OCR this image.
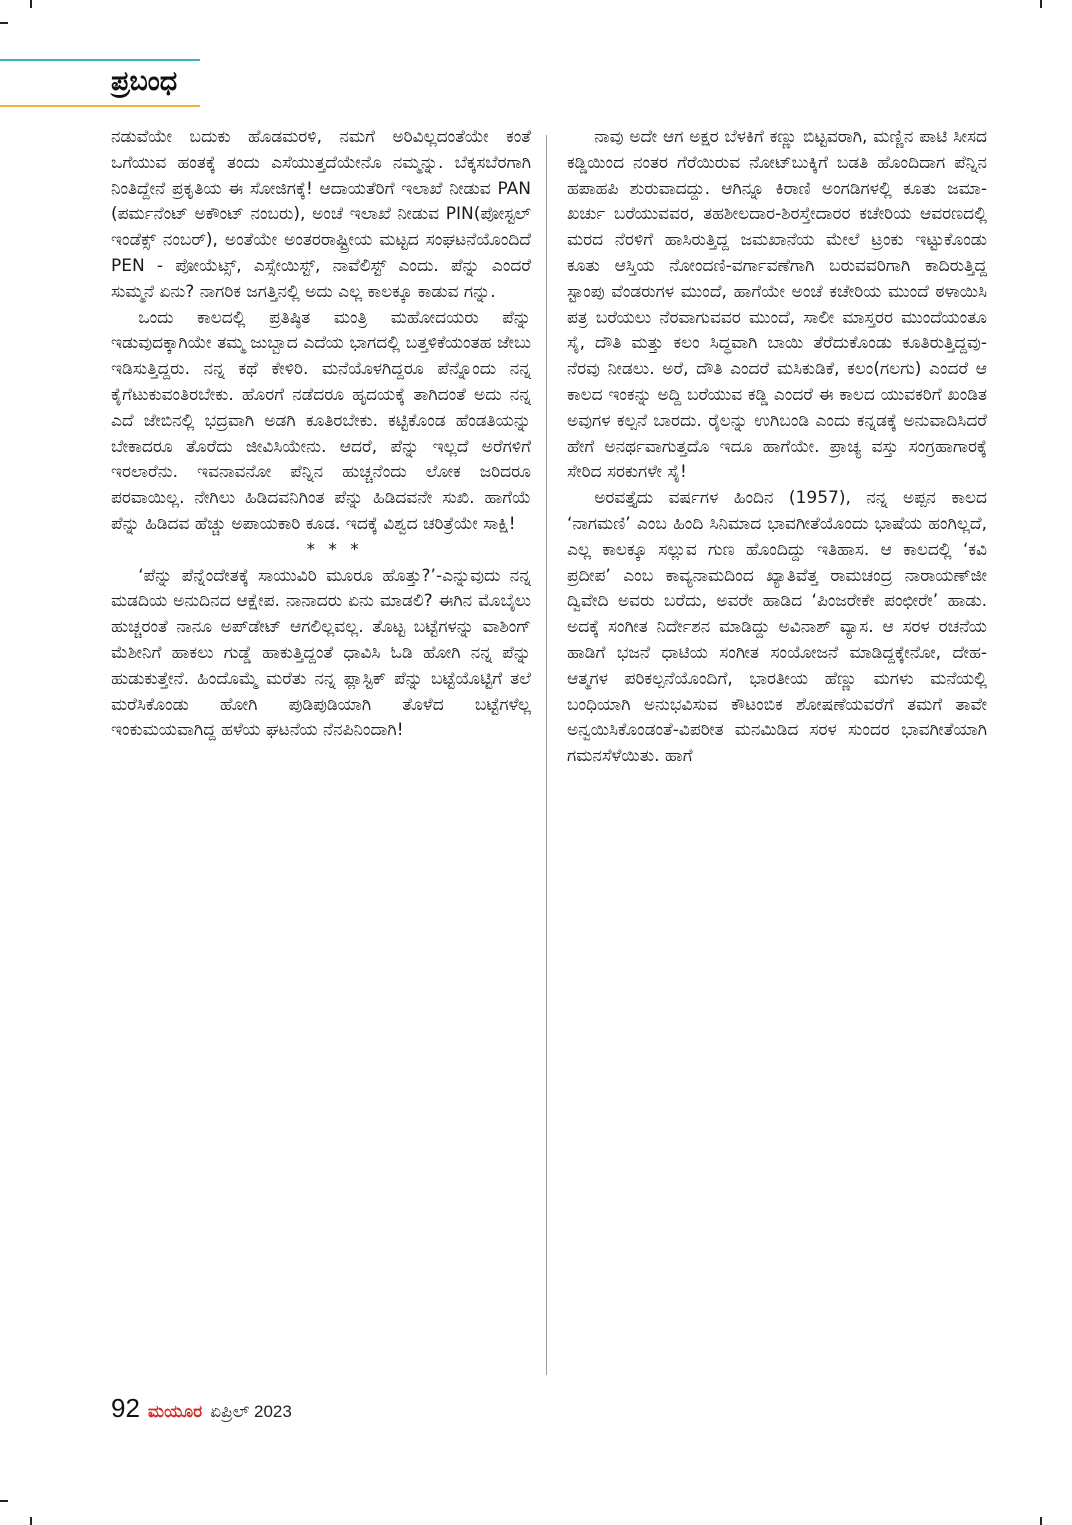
ಪ್ರಬಂಧ

ನಡುವೆಯೇ ಬದುಕು ಹೊಡಮರಳಿ, ನಮಗೆ ಅರಿವಿಲ್ಲದಂತೆಯೇ ಕಂತೆ ಒಗೆಯುವ ಹಂತಕ್ಕೆ ತಂದು ಎಸೆಯುತ್ತದೆಯೇನೊ ನಮ್ಮನ್ನು. ಬೆಕ್ಕಸಬೆರಗಾಗಿ ನಿಂತಿದ್ದೇನೆ ಪ್ರಕೃತಿಯ ಈ ಸೋಜಿಗಕ್ಕೆ! ಆದಾಯತೆರಿಗೆ ಇಲಾಖೆ ನೀಡುವ PAN (ಪರ್ಮನೆಂಟ್ ಅಕೌಂಟ್ ನಂಬರು), ಅಂಚೆ ಇಲಾಖೆ ನೀಡುವ PIN(ಪೋಸ್ಟಲ್ ಇಂಡೆಕ್ಸ್ ನಂಬರ್), ಅಂತೆಯೇ ಅಂತರರಾಷ್ಟ್ರೀಯ ಮಟ್ಟದ ಸಂಘಟನೆಯೊಂದಿದೆ PEN - ಪೋಯೆಟ್ಸ್, ಎಸ್ಸೇಯಿಸ್ಟ್, ನಾವೆಲಿಸ್ಟ್ ಎಂದು. ಪೆನ್ನು ಎಂದರೆ ಸುಮ್ಮನೆ ಏನು? ನಾಗರಿಕ ಜಗತ್ತಿನಲ್ಲಿ ಅದು ಎಲ್ಲ ಕಾಲಕ್ಕೂ ಕಾಡುವ ಗನ್ನು.

ಒಂದು ಕಾಲದಲ್ಲಿ ಪ್ರತಿಷ್ಠಿತ ಮಂತ್ರಿ ಮಹೋದಯರು ಪೆನ್ನು ಇಡುವುದಕ್ಕಾಗಿಯೇ ತಮ್ಮ ಜುಬ್ಬಾದ ಎದೆಯ ಭಾಗದಲ್ಲಿ ಬತ್ತಳಿಕೆಯಂತಹ ಜೇಬು ಇಡಿಸುತ್ತಿದ್ದರು. ನನ್ನ ಕಥೆ ಕೇಳಿರಿ. ಮನೆಯೊಳಗಿದ್ದರೂ ಪೆನ್ನೊಂದು ನನ್ನ ಕೈಗೆಟುಕುವಂತಿರಬೇಕು. ಹೊರಗೆ ನಡೆದರೂ ಹೃದಯಕ್ಕೆ ತಾಗಿದಂತೆ ಅದು ನನ್ನ ಎದೆ ಜೇಬಿನಲ್ಲಿ ಭದ್ರವಾಗಿ ಅಡಗಿ ಕೂತಿರಬೇಕು. ಕಟ್ಟಿಕೊಂಡ ಹೆಂಡತಿಯನ್ನು ಬೇಕಾದರೂ ತೊರೆದು ಜೀವಿಸಿಯೇನು. ಆದರೆ, ಪೆನ್ನು ಇಲ್ಲದೆ ಅರೆಗಳಿಗೆ ಇರಲಾರೆನು. ಇವನಾವನೋ ಪೆನ್ನಿನ ಹುಚ್ಚನೆಂದು ಲೋಕ ಜರಿದರೂ ಪರವಾಯಿಲ್ಲ. ನೇಗಿಲು ಹಿಡಿದವನಿಗಿಂತ ಪೆನ್ನು ಹಿಡಿದವನೇ ಸುಖಿ. ಹಾಗೆಯೆ ಪೆನ್ನು ಹಿಡಿದವ ಹೆಚ್ಚು ಅಪಾಯಕಾರಿ ಕೂಡ. ಇದಕ್ಕೆ ವಿಶ್ವದ ಚರಿತ್ರೆಯೇ ಸಾಕ್ಷಿ!

* * *

‘ಪೆನ್ನು ಪೆನ್ನೆಂದೇತಕ್ಕೆ ಸಾಯುವಿರಿ ಮೂರೂ ಹೊತ್ತು?’-ಎನ್ನುವುದು ನನ್ನ ಮಡದಿಯ ಅನುದಿನದ ಆಕ್ಷೇಪ. ನಾನಾದರು ಏನು ಮಾಡಲಿ? ಈಗಿನ ಮೊಬೈಲು ಹುಚ್ಚರಂತೆ ನಾನೂ ಅಪ್‌ಡೇಟ್ ಆಗಲಿಲ್ಲವಲ್ಲ. ತೊಟ್ಟ ಬಟ್ಟೆಗಳನ್ನು ವಾಶಿಂಗ್ ಮೆಶೀನಿಗೆ ಹಾಕಲು ಗುಡ್ಡೆ ಹಾಕುತ್ತಿದ್ದಂತೆ ಧಾವಿಸಿ ಓಡಿ ಹೋಗಿ ನನ್ನ ಪೆನ್ನು ಹುಡುಕುತ್ತೇನೆ. ಹಿಂದೊಮ್ಮೆ ಮರೆತು ನನ್ನ ಪ್ಲಾಸ್ಟಿಕ್ ಪೆನ್ನು ಬಟ್ಟೆಯೊಟ್ಟಿಗೆ ತಲೆ ಮರೆಸಿಕೊಂಡು ಹೋಗಿ ಪುಡಿಪುಡಿಯಾಗಿ ತೊಳೆದ ಬಟ್ಟೆಗಳೆಲ್ಲ ಇಂಕುಮಯವಾಗಿದ್ದ ಹಳೆಯ ಘಟನೆಯ ನೆನಪಿನಿಂದಾಗಿ!

ನಾವು ಅದೇ ಆಗ ಅಕ್ಷರ ಬೆಳಕಿಗೆ ಕಣ್ಣು ಬಿಟ್ಟವರಾಗಿ, ಮಣ್ಣಿನ ಪಾಟಿ ಸೀಸದ ಕಡ್ಡಿಯಿಂದ ನಂತರ ಗೆರೆಯಿರುವ ನೋಟ್‌ಬುಕ್ಕಿಗೆ ಬಡತಿ ಹೊಂದಿದಾಗ ಪೆನ್ನಿನ ಹಪಾಹಪಿ ಶುರುವಾದದ್ದು. ಆಗಿನ್ನೂ ಕಿರಾಣಿ ಅಂಗಡಿಗಳಲ್ಲಿ ಕೂತು ಜಮಾ-ಖರ್ಚು ಬರೆಯುವವರ, ತಹಶೀಲದಾರ-ಶಿರಸ್ತೇದಾರರ ಕಚೇರಿಯ ಆವರಣದಲ್ಲಿ ಮರದ ನೆರಳಿಗೆ ಹಾಸಿರುತ್ತಿದ್ದ ಜಮಖಾನೆಯ ಮೇಲೆ ಟ್ರಂಕು ಇಟ್ಟುಕೊಂಡು ಕೂತು ಆಸ್ತಿಯ ನೋಂದಣಿ-ವರ್ಗಾವಣೆಗಾಗಿ ಬರುವವರಿಗಾಗಿ ಕಾದಿರುತ್ತಿದ್ದ ಸ್ಟಾಂಪು ವೆಂಡರುಗಳ ಮುಂದೆ, ಹಾಗೆಯೇ ಅಂಚೆ ಕಚೇರಿಯ ಮುಂದೆ ಠಳಾಯಿಸಿ ಪತ್ರ ಬರೆಯಲು ನೆರವಾಗುವವರ ಮುಂದೆ, ಸಾಲೀ ಮಾಸ್ತರರ ಮುಂದೆಯಂತೂ ಸೈ, ದೌತಿ ಮತ್ತು ಕಲಂ ಸಿದ್ಧವಾಗಿ ಬಾಯಿ ತೆರೆದುಕೊಂಡು ಕೂತಿರುತ್ತಿದ್ದವು-ನೆರವು ನೀಡಲು. ಅರೆ, ದೌತಿ ಎಂದರೆ ಮಸಿಕುಡಿಕೆ, ಕಲಂ(ಗಲಗು) ಎಂದರೆ ಆ ಕಾಲದ ಇಂಕನ್ನು ಅದ್ದಿ ಬರೆಯುವ ಕಡ್ಡಿ ಎಂದರೆ ಈ ಕಾಲದ ಯುವಕರಿಗೆ ಖಂಡಿತ ಅವುಗಳ ಕಲ್ಪನೆ ಬಾರದು. ರೈಲನ್ನು ಉಗಿಬಂಡಿ ಎಂದು ಕನ್ನಡಕ್ಕೆ ಅನುವಾದಿಸಿದರೆ ಹೇಗೆ ಅನರ್ಥವಾಗುತ್ತದೊ ಇದೂ ಹಾಗೆಯೇ. ಪ್ರಾಚ್ಯ ವಸ್ತು ಸಂಗ್ರಹಾಗಾರಕ್ಕೆ ಸೇರಿದ ಸರಕುಗಳೇ ಸೈ!

ಅರವತ್ತೈದು ವರ್ಷಗಳ ಹಿಂದಿನ (1957), ನನ್ನ ಅಪ್ಪನ ಕಾಲದ ‘ನಾಗಮಣಿ’ ಎಂಬ ಹಿಂದಿ ಸಿನಿಮಾದ ಭಾವಗೀತೆಯೊಂದು ಭಾಷೆಯ ಹಂಗಿಲ್ಲದೆ, ಎಲ್ಲ ಕಾಲಕ್ಕೂ ಸಲ್ಲುವ ಗುಣ ಹೊಂದಿದ್ದು ಇತಿಹಾಸ. ಆ ಕಾಲದಲ್ಲಿ ‘ಕವಿ ಪ್ರದೀಪ’ ಎಂಬ ಕಾವ್ಯನಾಮದಿಂದ ಖ್ಯಾತಿವೆತ್ತ ರಾಮಚಂದ್ರ ನಾರಾಯಣ್‌ಜೀ ದ್ವಿವೇದಿ ಅವರು ಬರೆದು, ಅವರೇ ಹಾಡಿದ ‘ಪಿಂಜರೇಕೇ ಪಂಛೀರೇ’ ಹಾಡು. ಅದಕ್ಕೆ ಸಂಗೀತ ನಿರ್ದೇಶನ ಮಾಡಿದ್ದು ಅವಿನಾಶ್ ವ್ಯಾಸ. ಆ ಸರಳ ರಚನೆಯ ಹಾಡಿಗೆ ಭಜನೆ ಧಾಟಿಯ ಸಂಗೀತ ಸಂಯೋಜನೆ ಮಾಡಿದ್ದಕ್ಕೇನೋ, ದೇಹ-ಆತ್ಮಗಳ ಪರಿಕಲ್ಪನೆಯೊಂದಿಗೆ, ಭಾರತೀಯ ಹೆಣ್ಣು ಮಗಳು ಮನೆಯಲ್ಲಿ ಬಂಧಿಯಾಗಿ ಅನುಭವಿಸುವ ಕೌಟಂಬಿಕ ಶೋಷಣೆಯವರೆಗೆ ತಮಗೆ ತಾವೇ ಅನ್ವಯಿಸಿಕೊಂಡಂತೆ-ವಿಪರೀತ ಮನಮಿಡಿದ ಸರಳ ಸುಂದರ ಭಾವಗೀತೆಯಾಗಿ ಗಮನಸೆಳೆಯಿತು. ಹಾಗೆ

92 ಮಯೂರ ಏಪ್ರಿಲ್ 2023
